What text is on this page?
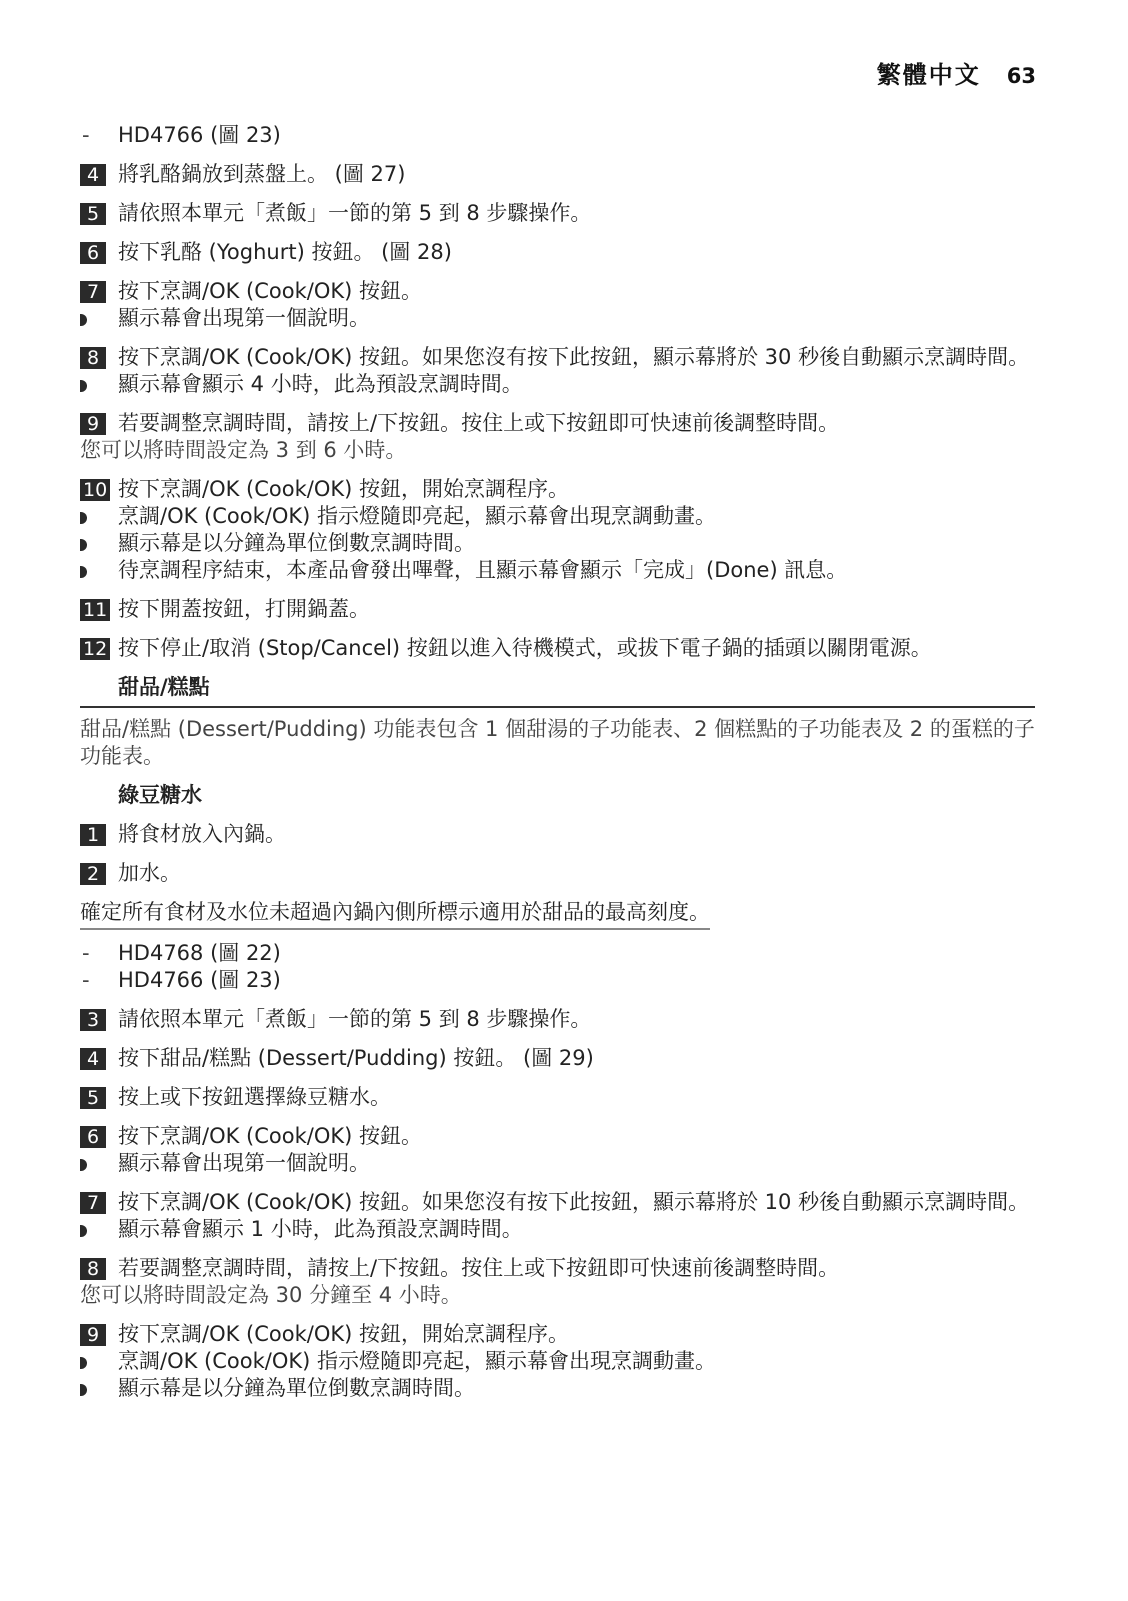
繁體中文 63
-	HD4766 (圖 23)
4 將乳酪鍋放到蒸盤上。 (圖 27)
5 請依照本單元「煮飯」一節的第 5 到 8 步驟操作。
6 按下乳酪 (Yoghurt) 按鈕。 (圖 28)
7 按下烹調/OK (Cook/OK) 按鈕。
顯示幕會出現第一個說明。
8 按下烹調/OK (Cook/OK) 按鈕。如果您沒有按下此按鈕，顯示幕將於 30 秒後自動顯示烹調時間。
顯示幕會顯示 4 小時，此為預設烹調時間。
9 若要調整烹調時間，請按上/下按鈕。按住上或下按鈕即可快速前後調整時間。
您可以將時間設定為 3 到 6 小時。
10 按下烹調/OK (Cook/OK) 按鈕，開始烹調程序。
烹調/OK (Cook/OK) 指示燈隨即亮起，顯示幕會出現烹調動畫。
顯示幕是以分鐘為單位倒數烹調時間。
待烹調程序結束，本產品會發出嗶聲，且顯示幕會顯示「完成」(Done) 訊息。
11 按下開蓋按鈕，打開鍋蓋。
12 按下停止/取消 (Stop/Cancel) 按鈕以進入待機模式，或拔下電子鍋的插頭以關閉電源。
甜品/糕點
甜品/糕點 (Dessert/Pudding) 功能表包含 1 個甜湯的子功能表、2 個糕點的子功能表及 2 的蛋糕的子功能表。
綠豆糖水
1 將食材放入內鍋。
2 加水。
確定所有食材及水位未超過內鍋內側所標示適用於甜品的最高刻度。
-	HD4768 (圖 22)
-	HD4766 (圖 23)
3 請依照本單元「煮飯」一節的第 5 到 8 步驟操作。
4 按下甜品/糕點 (Dessert/Pudding) 按鈕。 (圖 29)
5 按上或下按鈕選擇綠豆糖水。
6 按下烹調/OK (Cook/OK) 按鈕。
顯示幕會出現第一個說明。
7 按下烹調/OK (Cook/OK) 按鈕。如果您沒有按下此按鈕，顯示幕將於 10 秒後自動顯示烹調時間。
顯示幕會顯示 1 小時，此為預設烹調時間。
8 若要調整烹調時間，請按上/下按鈕。按住上或下按鈕即可快速前後調整時間。
您可以將時間設定為 30 分鐘至 4 小時。
9 按下烹調/OK (Cook/OK) 按鈕，開始烹調程序。
烹調/OK (Cook/OK) 指示燈隨即亮起，顯示幕會出現烹調動畫。
顯示幕是以分鐘為單位倒數烹調時間。
